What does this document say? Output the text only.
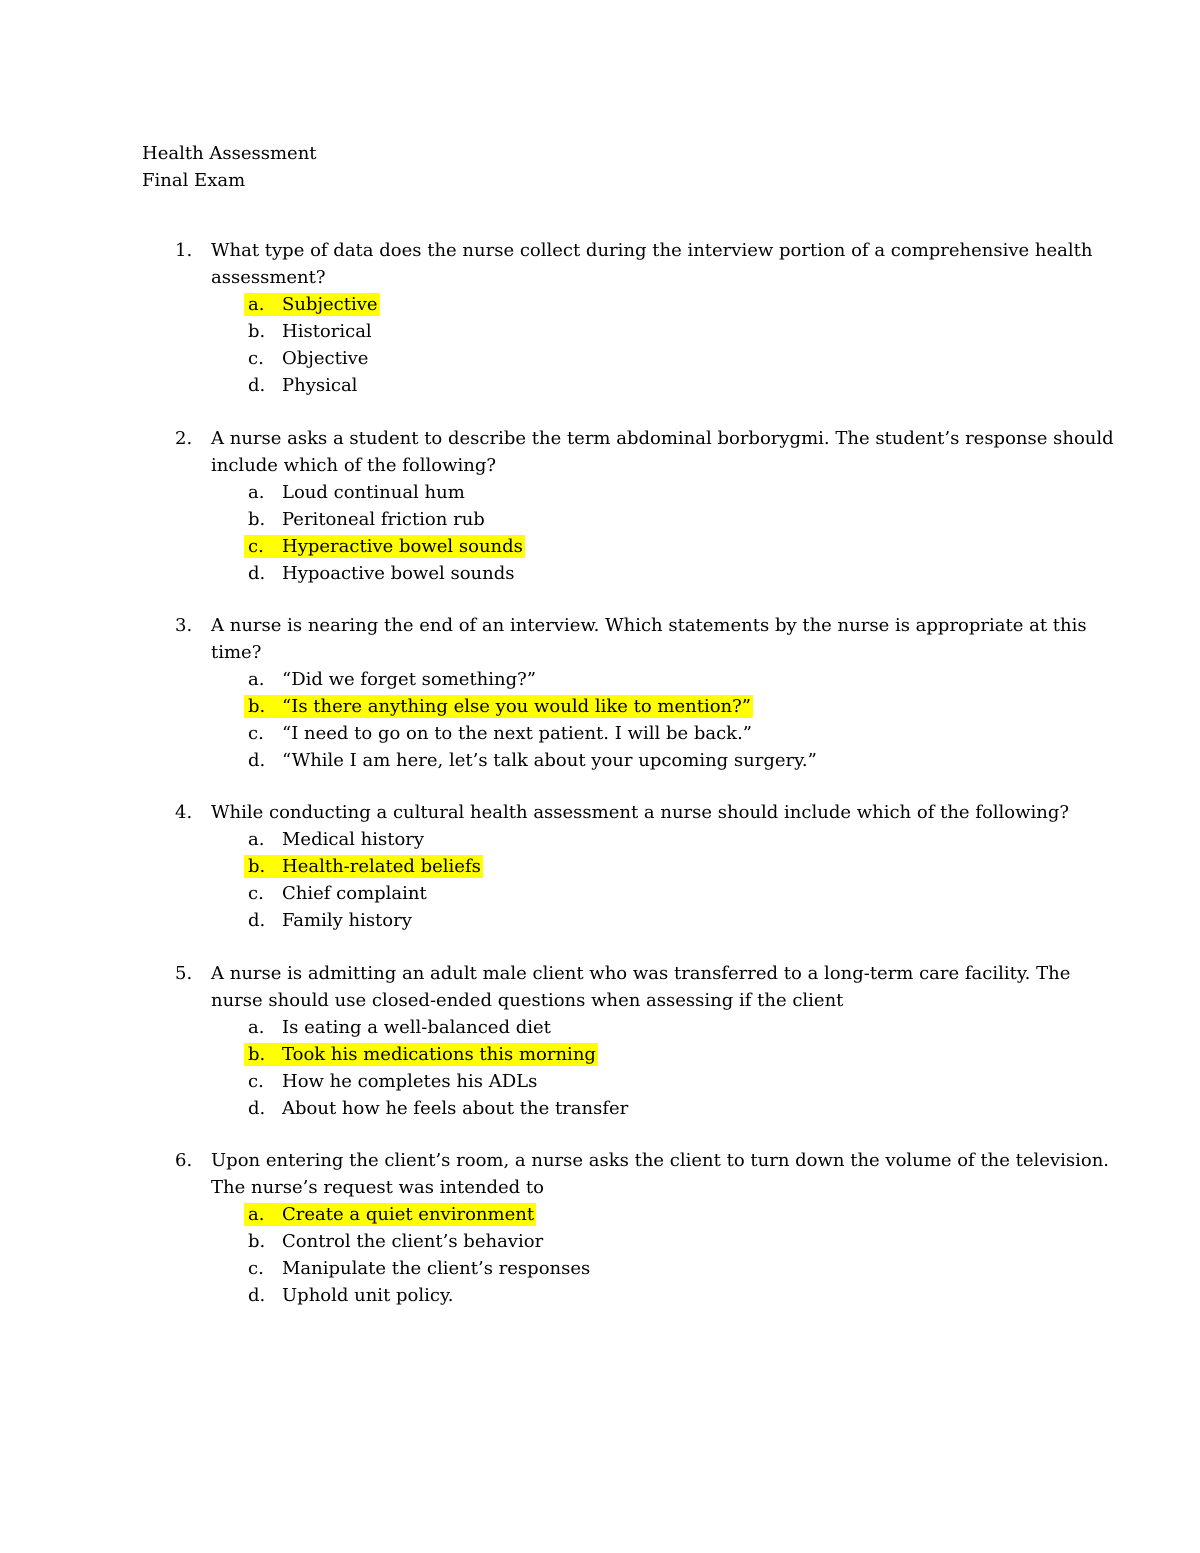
Health Assessment
Final Exam
1. What type of data does the nurse collect during the interview portion of a comprehensive health
assessment?
a. Subjective
b. Historical
c. Objective
d. Physical
2. A nurse asks a student to describe the term abdominal borborygmi. The student’s response should
include which of the following?
a. Loud continual hum
b. Peritoneal friction rub
c. Hyperactive bowel sounds
d. Hypoactive bowel sounds
3. A nurse is nearing the end of an interview. Which statements by the nurse is appropriate at this
time?
a. “Did we forget something?”
b. “Is there anything else you would like to mention?”
c. “I need to go on to the next patient. I will be back.”
d. “While I am here, let’s talk about your upcoming surgery.”
4. While conducting a cultural health assessment a nurse should include which of the following?
a. Medical history
b. Health-related beliefs
c. Chief complaint
d. Family history
5. A nurse is admitting an adult male client who was transferred to a long-term care facility. The
nurse should use closed-ended questions when assessing if the client
a. Is eating a well-balanced diet
b. Took his medications this morning
c. How he completes his ADLs
d. About how he feels about the transfer
6. Upon entering the client’s room, a nurse asks the client to turn down the volume of the television.
The nurse’s request was intended to
a. Create a quiet environment
b. Control the client’s behavior
c. Manipulate the client’s responses
d. Uphold unit policy.
